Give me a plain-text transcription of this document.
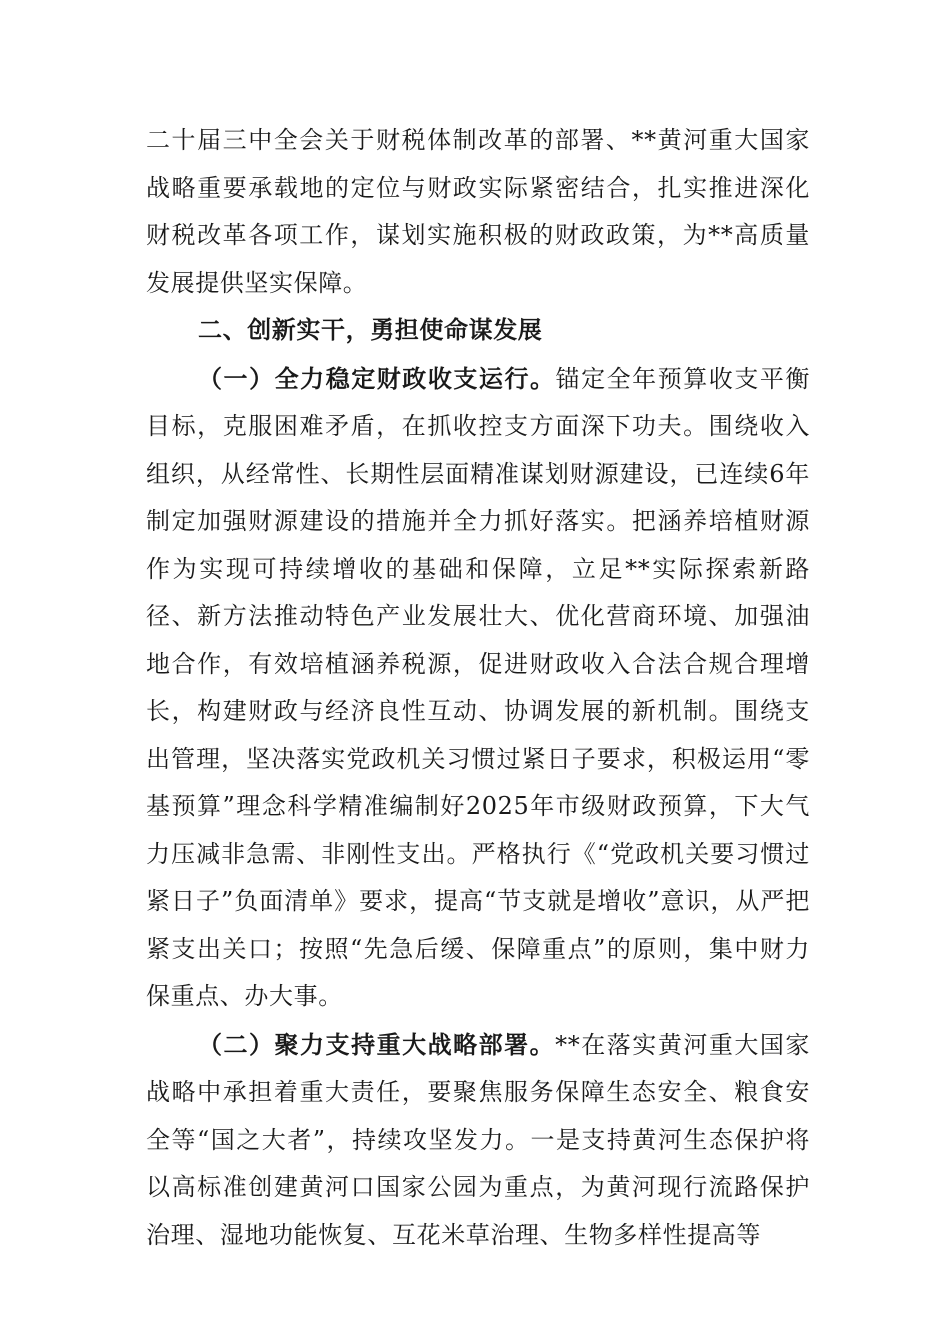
二十届三中全会关于财税体制改革的部署、**黄河重大国家战略重要承载地的定位与财政实际紧密结合，扎实推进深化财税改革各项工作，谋划实施积极的财政政策，为**高质量发展提供坚实保障。

二、创新实干，勇担使命谋发展

（一）全力稳定财政收支运行。锚定全年预算收支平衡目标，克服困难矛盾，在抓收控支方面深下功夫。围绕收入组织，从经常性、长期性层面精准谋划财源建设，已连续6年制定加强财源建设的措施并全力抓好落实。把涵养培植财源作为实现可持续增收的基础和保障，立足**实际探索新路径、新方法推动特色产业发展壮大、优化营商环境、加强油地合作，有效培植涵养税源，促进财政收入合法合规合理增长，构建财政与经济良性互动、协调发展的新机制。围绕支出管理，坚决落实党政机关习惯过紧日子要求，积极运用“零基预算”理念科学精准编制好2025年市级财政预算，下大气力压减非急需、非刚性支出。严格执行《“党政机关要习惯过紧日子”负面清单》要求，提高“节支就是增收”意识，从严把紧支出关口；按照“先急后缓、保障重点”的原则，集中财力保重点、办大事。

（二）聚力支持重大战略部署。**在落实黄河重大国家战略中承担着重大责任，要聚焦服务保障生态安全、粮食安全等“国之大者”，持续攻坚发力。一是支持黄河生态保护将以高标准创建黄河口国家公园为重点，为黄河现行流路保护治理、湿地功能恢复、互花米草治理、生物多样性提高等
